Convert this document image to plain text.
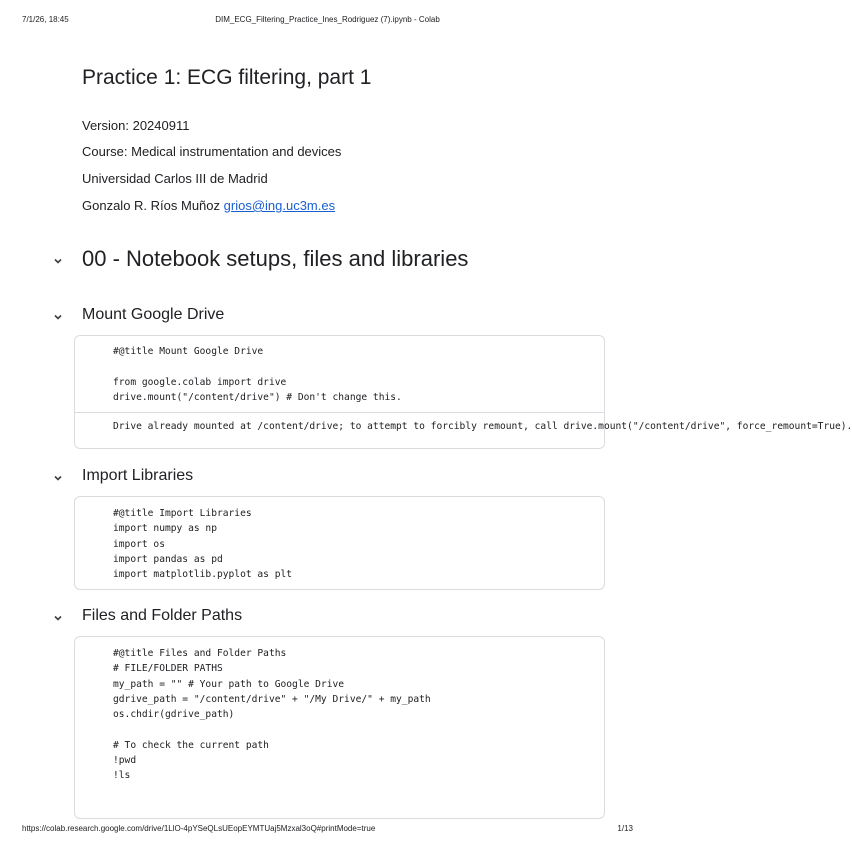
7/1/26, 18:45	DIM_ECG_Filtering_Practice_Ines_Rodriguez (7).ipynb - Colab
Practice 1: ECG filtering, part 1
Version: 20240911
Course: Medical instrumentation and devices
Universidad Carlos III de Madrid
Gonzalo R. Ríos Muñoz grios@ing.uc3m.es
00 - Notebook setups, files and libraries
Mount Google Drive
#@title Mount Google Drive

from google.colab import drive
drive.mount("/content/drive") # Don't change this.
Drive already mounted at /content/drive; to attempt to forcibly remount, call drive.mount("/content/drive", force_remount=True).
Import Libraries
#@title Import Libraries
import numpy as np
import os
import pandas as pd
import matplotlib.pyplot as plt
Files and Folder Paths
#@title Files and Folder Paths
# FILE/FOLDER PATHS
my_path = "" # Your path to Google Drive
gdrive_path = "/content/drive" + "/My Drive/" + my_path
os.chdir(gdrive_path)

# To check the current path
!pwd
!ls
https://colab.research.google.com/drive/1LlO-4pYSeQLsUEopEYMTUaj5Mzxal3oQ#printMode=true	1/13
